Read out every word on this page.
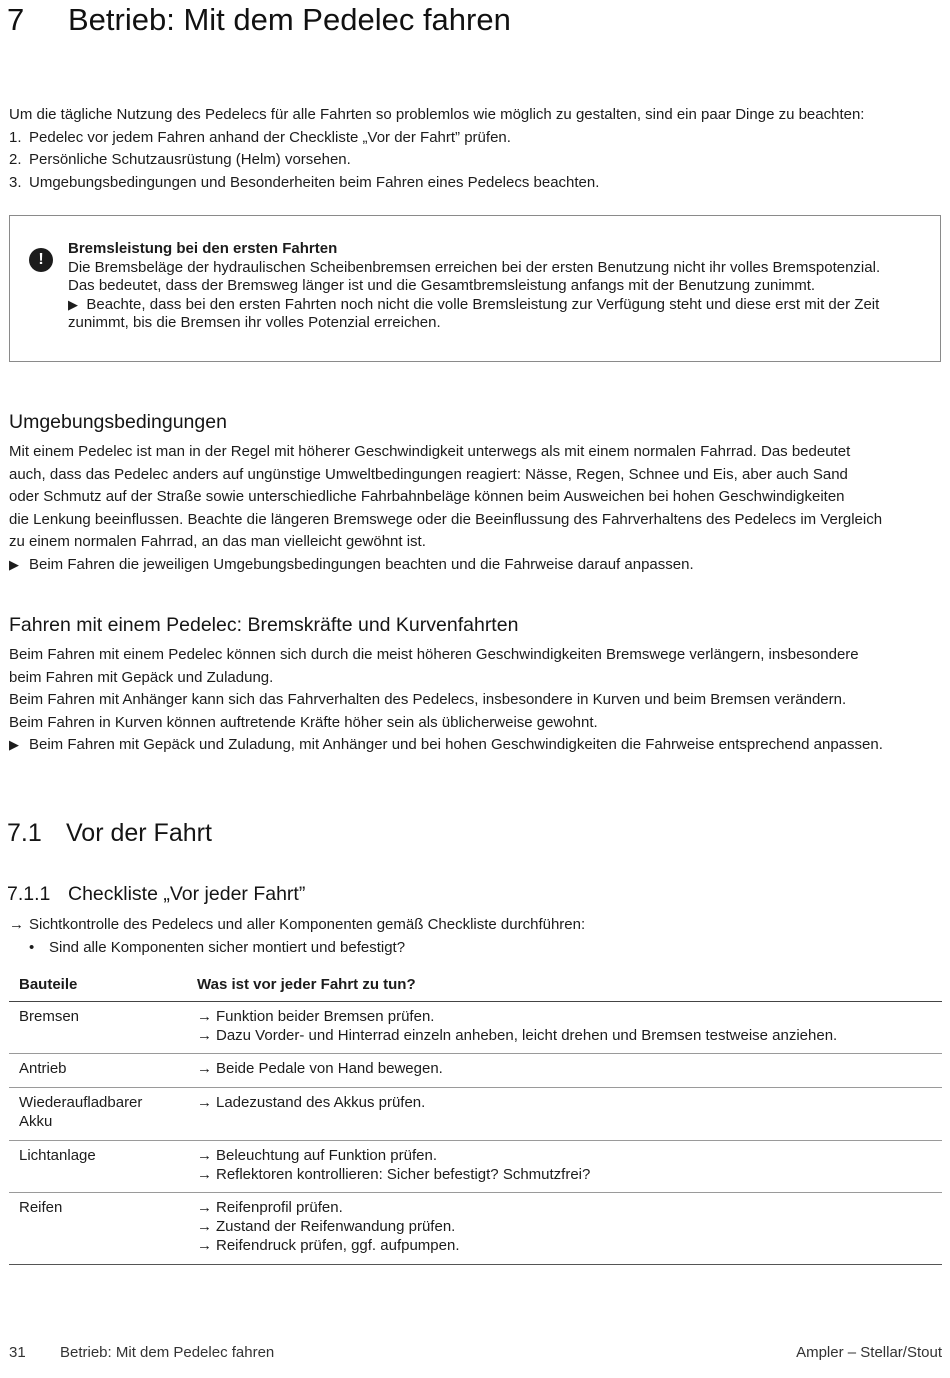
7 Betrieb: Mit dem Pedelec fahren
Um die tägliche Nutzung des Pedelecs für alle Fahrten so problemlos wie möglich zu gestalten, sind ein paar Dinge zu beachten:
1. Pedelec vor jedem Fahren anhand der Checkliste „Vor der Fahrt” prüfen.
2. Persönliche Schutzausrüstung (Helm) vorsehen.
3. Umgebungsbedingungen und Besonderheiten beim Fahren eines Pedelecs beachten.
!
Bremsleistung bei den ersten Fahrten
Die Bremsbeläge der hydraulischen Scheibenbremsen erreichen bei der ersten Benutzung nicht ihr volles Bremspotenzial.
Das bedeutet, dass der Bremsweg länger ist und die Gesamtbremsleistung anfangs mit der Benutzung zunimmt.
▶ Beachte, dass bei den ersten Fahrten noch nicht die volle Bremsleistung zur Verfügung steht und diese erst mit der Zeit zunimmt, bis die Bremsen ihr volles Potenzial erreichen.
Umgebungsbedingungen
Mit einem Pedelec ist man in der Regel mit höherer Geschwindigkeit unterwegs als mit einem normalen Fahrrad. Das bedeutet
auch, dass das Pedelec anders auf ungünstige Umweltbedingungen reagiert: Nässe, Regen, Schnee und Eis, aber auch Sand
oder Schmutz auf der Straße sowie unterschiedliche Fahrbahnbeläge können beim Ausweichen bei hohen Geschwindigkeiten
die Lenkung beeinflussen. Beachte die längeren Bremswege oder die Beeinflussung des Fahrverhaltens des Pedelecs im Vergleich
zu einem normalen Fahrrad, an das man vielleicht gewöhnt ist.
▶ Beim Fahren die jeweiligen Umgebungsbedingungen beachten und die Fahrweise darauf anpassen.
Fahren mit einem Pedelec: Bremskräfte und Kurvenfahrten
Beim Fahren mit einem Pedelec können sich durch die meist höheren Geschwindigkeiten Bremswege verlängern, insbesondere
beim Fahren mit Gepäck und Zuladung.
Beim Fahren mit Anhänger kann sich das Fahrverhalten des Pedelecs, insbesondere in Kurven und beim Bremsen verändern.
Beim Fahren in Kurven können auftretende Kräfte höher sein als üblicherweise gewohnt.
▶ Beim Fahren mit Gepäck und Zuladung, mit Anhänger und bei hohen Geschwindigkeiten die Fahrweise entsprechend anpassen.
7.1 Vor der Fahrt
7.1.1 Checkliste „Vor jeder Fahrt”
→ Sichtkontrolle des Pedelecs und aller Komponenten gemäß Checkliste durchführen:
• Sind alle Komponenten sicher montiert und befestigt?
Bauteile	Was ist vor jeder Fahrt zu tun?
Bremsen	→ Funktion beider Bremsen prüfen.
→ Dazu Vorder- und Hinterrad einzeln anheben, leicht drehen und Bremsen testweise anziehen.

Antrieb	→ Beide Pedale von Hand bewegen.

Wiederaufladbarer Akku	→ Ladezustand des Akkus prüfen.

Lichtanlage	→ Beleuchtung auf Funktion prüfen.
→ Reflektoren kontrollieren: Sicher befestigt? Schmutzfrei?

Reifen	→ Reifenprofil prüfen.
→ Zustand der Reifenwandung prüfen.
→ Reifendruck prüfen, ggf. aufpumpen.
31 Betrieb: Mit dem Pedelec fahren	Ampler – Stellar/Stout
